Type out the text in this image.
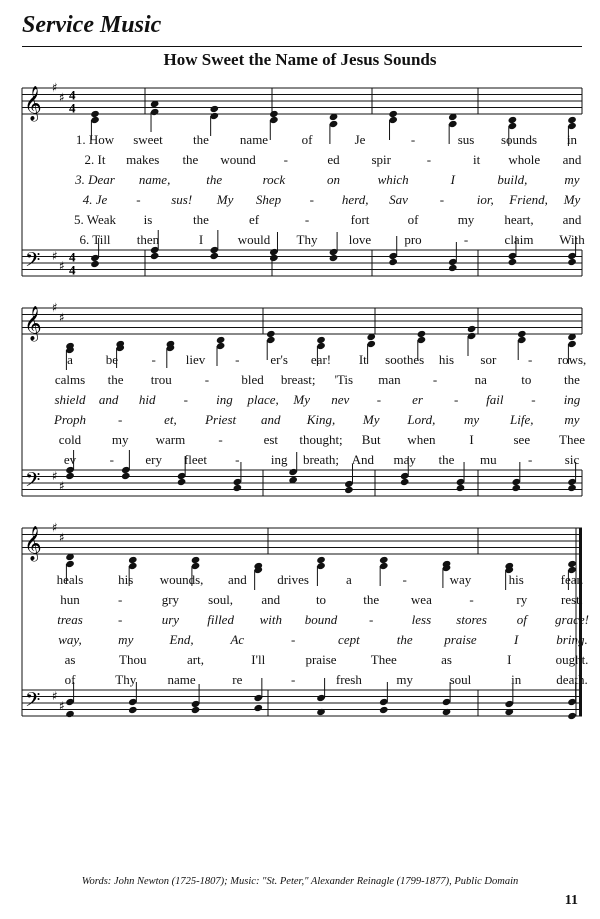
Service Music
How Sweet the Name of Jesus Sounds
𝄞
𝄢
♯
♯
♯
♯
4
4
4
4
1. How sweet the name	of	Je	-	sus sounds in
2. It makes the wound -	ed spir	-	it whole and
3. Dear name,	the	rock	on	which	I	build,	my
4. Je - sus! My Shep - herd, Sav -	ior, Friend, My
5. Weak is	the	ef	-	fort	of	my heart, and
6. Till then	I	would Thy love	pro	-	claim With
𝄞
𝄢
♯
♯
♯
♯
a	be	- liev - er's ear! It soothes his sor - rows,
calms the trou	- bled breast; 'Tis man -	na	to	the
shield and hid - ing place, My nev - er - fail - ing
Proph -	et, Priest and King, My Lord, my Life, my
cold my warm	-	est thought; But when	I	see Thee
ev	- ery fleet - ing breath; And may the mu - sic
𝄞
𝄢
♯
♯
♯
♯
heals	his wounds, and drives	a	-	way	his	fear.
hun	-	gry soul, and	to	the wea	-	ry	rest.
treas	-	ury filled with bound -	less stores of grace!
way,	my	End,	Ac	-	cept	the praise	I	bring.
as	Thou	art,	I'll	praise	Thee	as	I	ought.
of	Thy name	re	-	fresh	my	soul	in	death.
Words: John Newton (1725-1807); Music: "St. Peter," Alexander Reinagle (1799-1877), Public Domain
11
